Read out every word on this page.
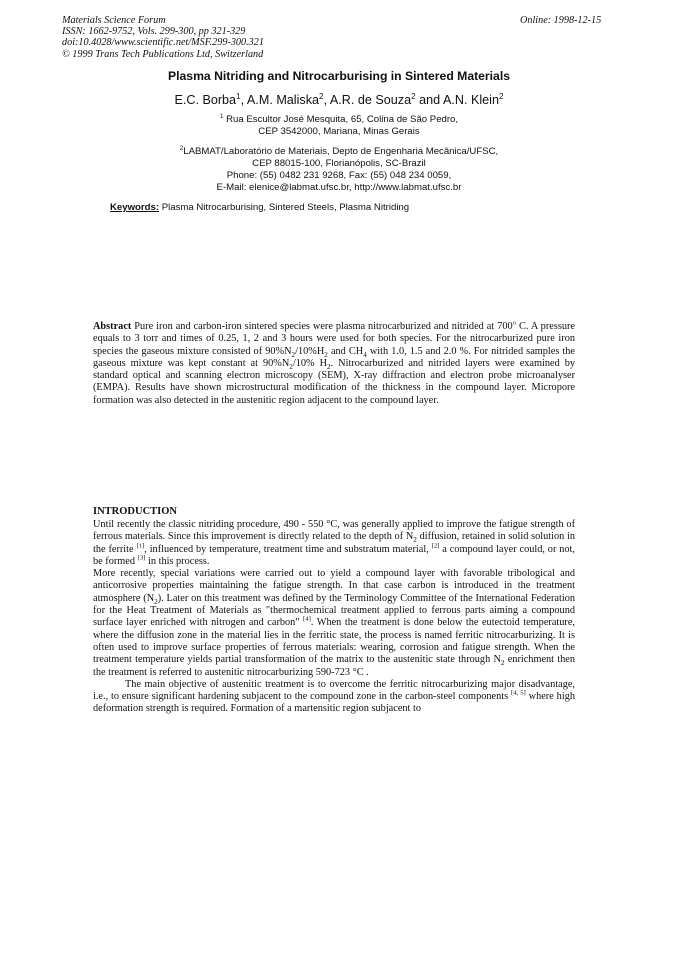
Materials Science Forum
ISSN: 1662-9752, Vols. 299-300, pp 321-329
doi:10.4028/www.scientific.net/MSF.299-300.321
© 1999 Trans Tech Publications Ltd, Switzerland
Online: 1998-12-15
Plasma Nitriding and Nitrocarburising in Sintered Materials
E.C. Borba$^1$, A.M. Maliska$^2$, A.R. de Souza$^2$ and A.N. Klein$^2$
$^1$ Rua Escultor José Mesquita, 65, Colina de São Pedro,
CEP 3542000, Mariana, Minas Gerais
$^2$LABMAT/Laboratório de Materiais, Depto de Engenharia Mecânica/UFSC,
CEP 88015-100, Florianópolis, SC-Brazil
Phone: (55) 0482 231 9268, Fax: (55) 048 234 0059,
E-Mail: elenice@labmat.ufsc.br, http://www.labmat.ufsc.br
Keywords: Plasma Nitrocarburising, Sintered Steels, Plasma Nitriding
Abstract Pure iron and carbon-iron sintered species were plasma nitrocarburized and nitrided at 700$^o$ C. A pressure equals to 3 torr and times of 0.25, 1, 2 and 3 hours were used for both species. For the nitrocarburized pure iron species the gaseous mixture consisted of $90\%N_2/10\%H_2$ and $CH_4$ with 1.0, 1.5 and 2.0 %. For nitrided samples the gaseous mixture was kept constant at $90\%N_2/10\%$ $H_2$. Nitrocarburized and nitrided layers were examined by standard optical and scanning electron microscopy (SEM), X-ray diffraction and electron probe microanalyser (EMPA). Results have shown microstructural modification of the thickness in the compound layer. Micropore formation was also detected in the austenitic region adjacent to the compound layer.
INTRODUCTION

Until recently the classic nitriding procedure, 490 - 550 °C, was generally applied to improve the fatigue strength of ferrous materials. Since this improvement is directly related to the depth of $N_2$ diffusion, retained in solid solution in the ferrite [1], influenced by temperature, treatment time and substratum material, [2] a compound layer could, or not, be formed [3] in this process.

More recently, special variations were carried out to yield a compound layer with favorable tribological and anticorrosive properties maintaining the fatigue strength. In that case carbon is introduced in the treatment atmosphere $(N_2)$. Later on this treatment was defined by the Terminology Committee of the International Federation for the Heat Treatment of Materials as "thermochemical treatment applied to ferrous parts aiming a compound surface layer enriched with nitrogen and carbon" [4]. When the treatment is done below the eutectoid temperature, where the diffusion zone in the material lies in the ferritic state, the process is named ferritic nitrocarburizing. It is often used to improve surface properties of ferrous materials: wearing, corrosion and fatigue strength. When the treatment temperature yields partial transformation of the matrix to the austenitic state through $N_2$ enrichment then the treatment is referred to austenitic nitrocarburizing 590-723 °C .

The main objective of austenitic treatment is to overcome the ferritic nitrocarburizing major disadvantage, i.e., to ensure significant hardening subjacent to the compound zone in the carbon-steel components [4, 5] where high deformation strength is required. Formation of a martensitic region subjacent to
